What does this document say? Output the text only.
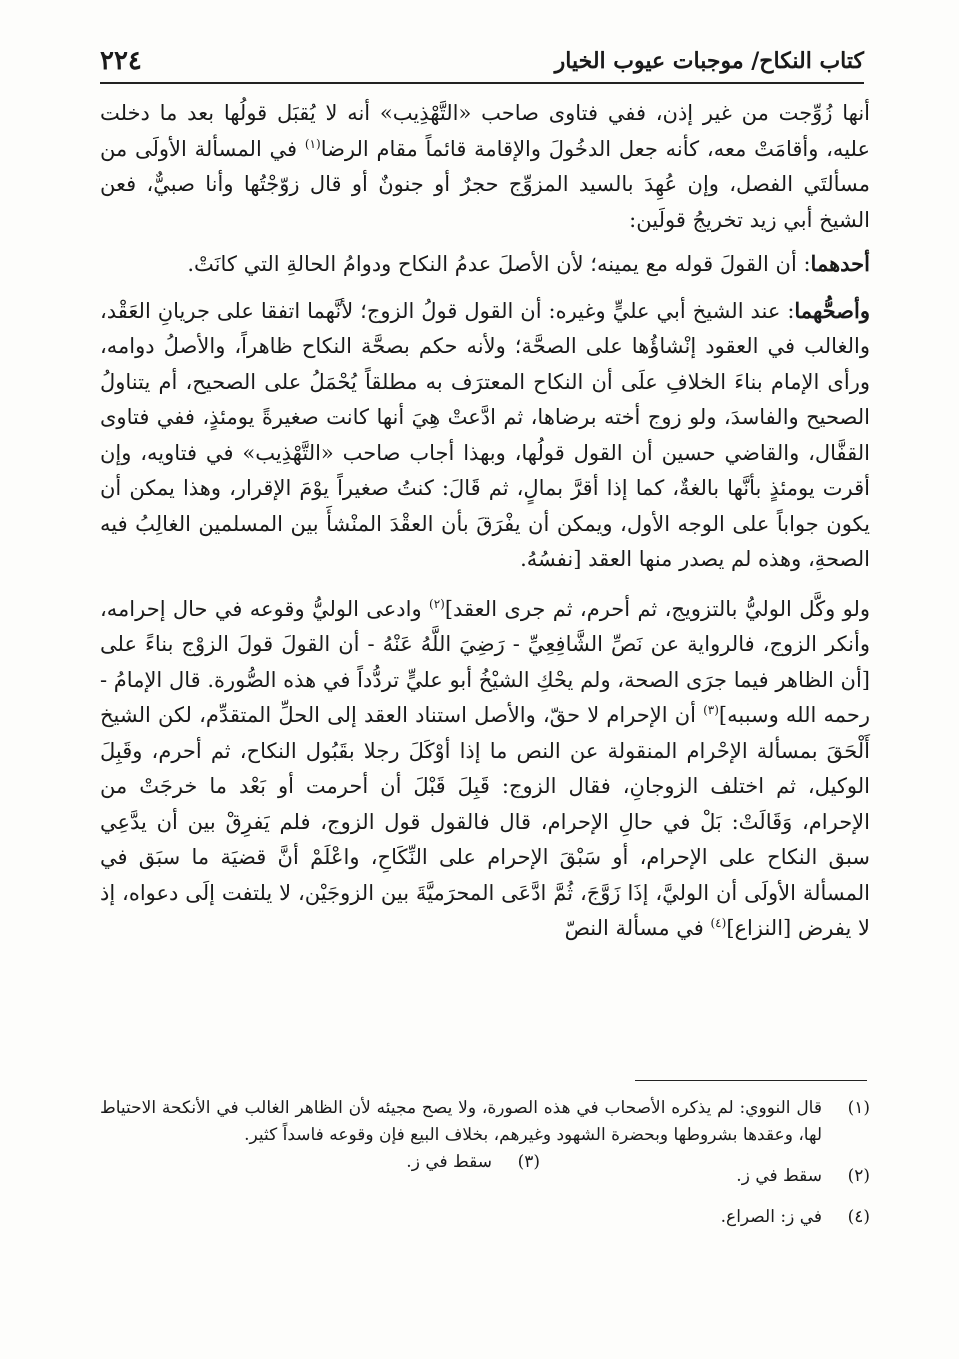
كتاب النكاح/ موجبات عيوب الخيار
٢٢٤

أنها زُوِّجت من غير إذن، ففي فتاوى صاحب «التَّهْذِيب» أنه لا يُقبَل قولُها بعد ما دخلت عليه، وأقامَتْ معه، كأنه جعل الدخُولَ والإقامة قائماً مقام الرضا$^{(١)}$ في المسألة الأولَى من مسألتَي الفصل، وإن عُهِدَ بالسيد المزوِّج حجرٌ أو جنونٌ أو قال زوّجْتُها وأنا صبيٌّ، فعن الشيخ أبي زيد تخريجُ قولَين:

أحدهما: أن القولَ قوله مع يمينه؛ لأن الأصلَ عدمُ النكاح ودوامُ الحالةِ التي كانَتْ.

وأصحُّهما: عند الشيخ أبي عليٍّ وغيره: أن القول قولُ الزوج؛ لأنَّهما اتفقا على جريانِ العَقْد، والغالب في العقود إنْشاؤُها على الصحَّة؛ ولأنه حكم بصحَّة النكاح ظاهراً، والأصلُ دوامه، ورأى الإمام بناءَ الخلافِ علَى أن النكاح المعترَف به مطلقاً يُحْمَلُ على الصحيح، أم يتناولُ الصحيح والفاسدَ، ولو زوج أخته برضاها، ثم ادَّعتْ هِيَ أنها كانت صغيرةً يومئذٍ، ففي فتاوى القفَّال، والقاضي حسين أن القول قولُها، وبهذا أجاب صاحب «التَّهْذِيب» في فتاويه، وإن أقرت يومئذٍ بأنَّها بالغةٌ، كما إذا أقرَّ بمالٍ، ثم قَالَ: كنتُ صغيراً يوْمَ الإقرار، وهذا يمكن أن يكون جواباً على الوجه الأول، ويمكن أن يفْرَقَ بأن العقْدَ المنْشأَ بين المسلمين الغالِبُ فيه الصحةِ، وهذه لم يصدر منها العقد [نفسُهُ.

ولو وكَّل الوليُّ بالتزويج، ثم أحرم، ثم جرى العقد]$^{(٢)}$ وادعى الوليُّ وقوعه في حال إحرامه، وأنكر الزوج، فالرواية عن نَصِّ الشَّافِعِيِّ - رَضِيَ اللَّهُ عَنْهُ - أن القولَ قولَ الزوْج بناءً على [أن الظاهر فيما جرَى الصحة، ولم يحْكِ الشيْخُ أبو عليٍّ تردُّداً في هذه الصُّورة. قال الإمامُ - رحمه الله وسببه]$^{(٣)}$ أن الإحرام لا حقّ، والأصل استناد العقد إلى الحلِّ المتقدِّم، لكن الشيخ أَلْحَقَ بمسألة الإحْرام المنقولة عن النص ما إذا أوْكَلَ رجلا بقَبُول النكاح، ثم أحرم، وقَبِلَ الوكيل، ثم اختلف الزوجانِ، فقال الزوج: قَبِلَ قَبْلَ أن أحرمت أو بَعْد ما خرجَتْ من الإحرام، وَقَالَتْ: بَلْ في حالِ الإحرام، قال فالقول قول الزوج، فلم يَفرِقْ بين أن يدَّعِي سبق النكاح على الإحرام، أو سَبْقَ الإحرام على النِّكَاحِ، واعْلَمْ أنَّ قضيَة ما سبَق في المسألة الأولَى أن الوليَّ، إذَا زَوَّجَ، ثُمَّ ادَّعَى المحرَميَّةَ بين الزوجَيْن، لا يلتفت إلَى دعواه، إذ لا يفرض [النزاع]$^{(٤)}$ في مسألة النصّ

(١)
قال النووي: لم يذكره الأصحاب في هذه الصورة، ولا يصح مجيئه لأن الظاهر الغالب في الأنكحة الاحتياط لها، وعقدها بشروطها وبحضرة الشهود وغيرهم، بخلاف البيع فإن وقوعه فاسداً كثير.
(٢)
سقط في ز.
(٣)
سقط في ز.
(٤)
في ز: الصراع.
